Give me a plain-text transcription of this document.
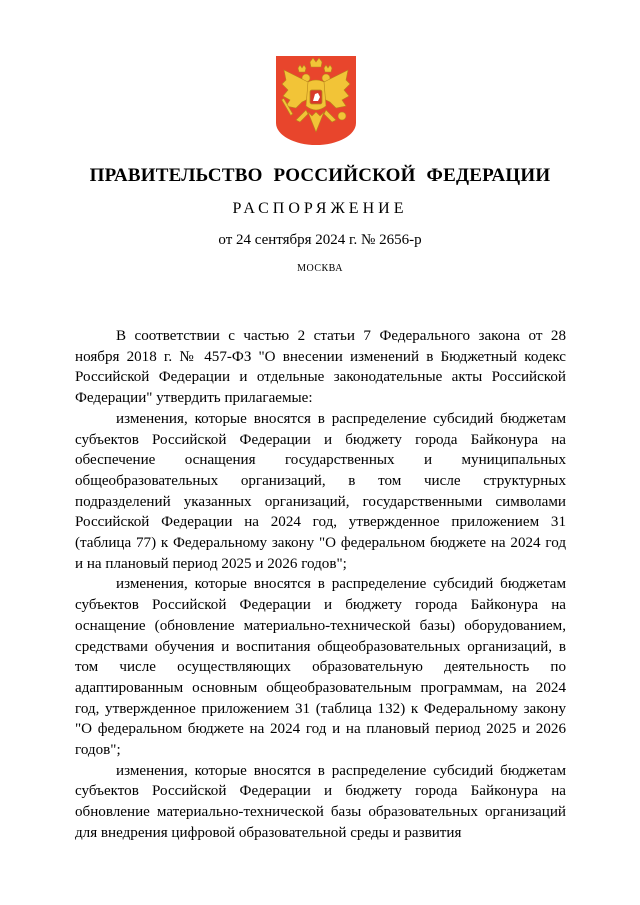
ПРАВИТЕЛЬСТВО РОССИЙСКОЙ ФЕДЕРАЦИИ
РАСПОРЯЖЕНИЕ
от 24 сентября 2024 г. № 2656-р
МОСКВА

В соответствии с частью 2 статьи 7 Федерального закона от 28 ноября 2018 г. № 457-ФЗ "О внесении изменений в Бюджетный кодекс Российской Федерации и отдельные законодательные акты Российской Федерации" утвердить прилагаемые:

изменения, которые вносятся в распределение субсидий бюджетам субъектов Российской Федерации и бюджету города Байконура на обеспечение оснащения государственных и муниципальных общеобразовательных организаций, в том числе структурных подразделений указанных организаций, государственными символами Российской Федерации на 2024 год, утвержденное приложением 31 (таблица 77) к Федеральному закону "О федеральном бюджете на 2024 год и на плановый период 2025 и 2026 годов";

изменения, которые вносятся в распределение субсидий бюджетам субъектов Российской Федерации и бюджету города Байконура на оснащение (обновление материально-технической базы) оборудованием, средствами обучения и воспитания общеобразовательных организаций, в том числе осуществляющих образовательную деятельность по адаптированным основным общеобразовательным программам, на 2024 год, утвержденное приложением 31 (таблица 132) к Федеральному закону "О федеральном бюджете на 2024 год и на плановый период 2025 и 2026 годов";

изменения, которые вносятся в распределение субсидий бюджетам субъектов Российской Федерации и бюджету города Байконура на обновление материально-технической базы образовательных организаций для внедрения цифровой образовательной среды и развития
